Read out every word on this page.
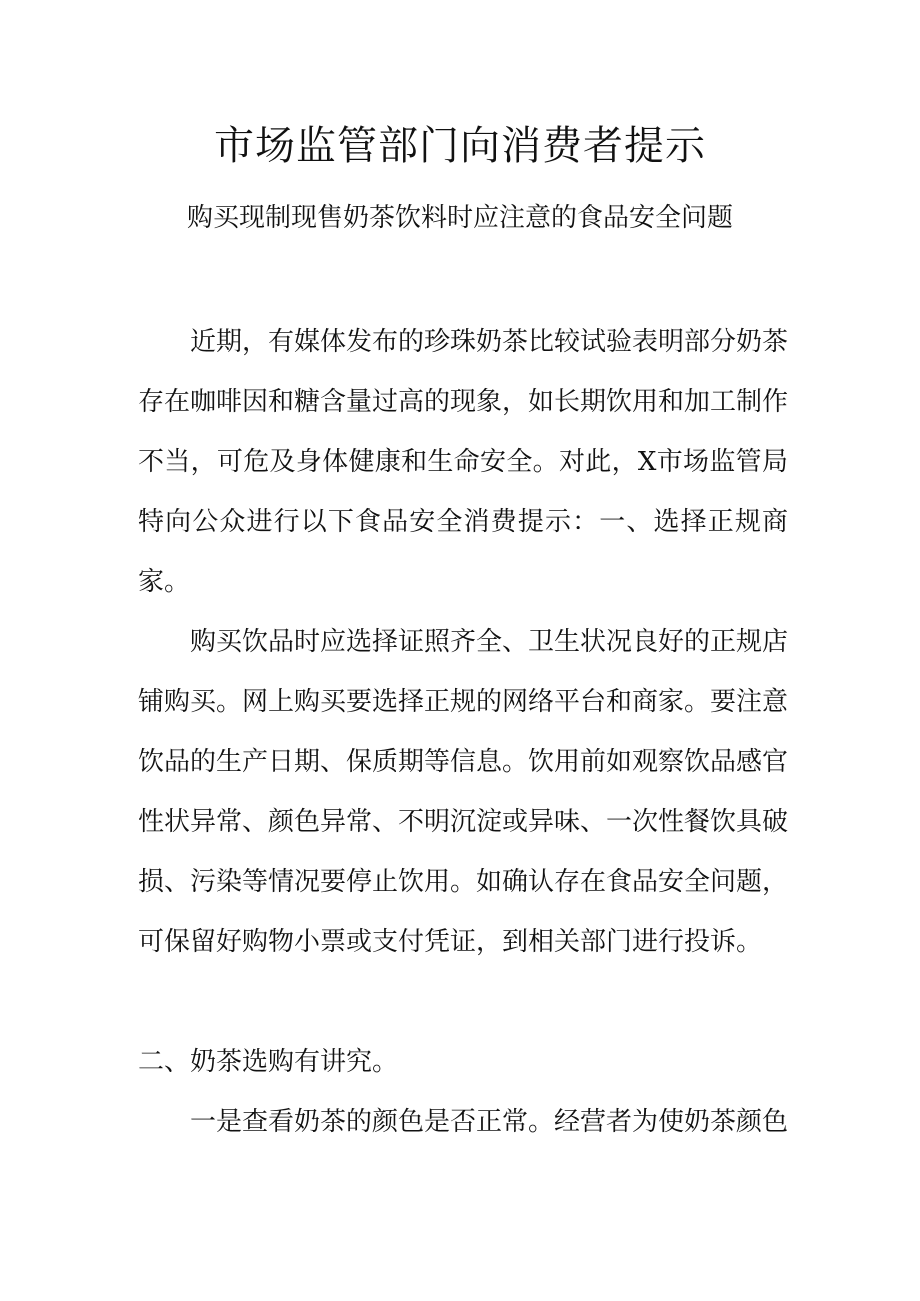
市场监管部门向消费者提示
购买现制现售奶茶饮料时应注意的食品安全问题

近期，有媒体发布的珍珠奶茶比较试验表明部分奶茶存在咖啡因和糖含量过高的现象，如长期饮用和加工制作不当，可危及身体健康和生命安全。对此，X市场监管局特向公众进行以下食品安全消费提示：一、选择正规商家。

购买饮品时应选择证照齐全、卫生状况良好的正规店铺购买。网上购买要选择正规的网络平台和商家。要注意饮品的生产日期、保质期等信息。饮用前如观察饮品感官性状异常、颜色异常、不明沉淀或异味、一次性餐饮具破损、污染等情况要停止饮用。如确认存在食品安全问题，可保留好购物小票或支付凭证，到相关部门进行投诉。

二、奶茶选购有讲究。

一是查看奶茶的颜色是否正常。经营者为使奶茶颜色
